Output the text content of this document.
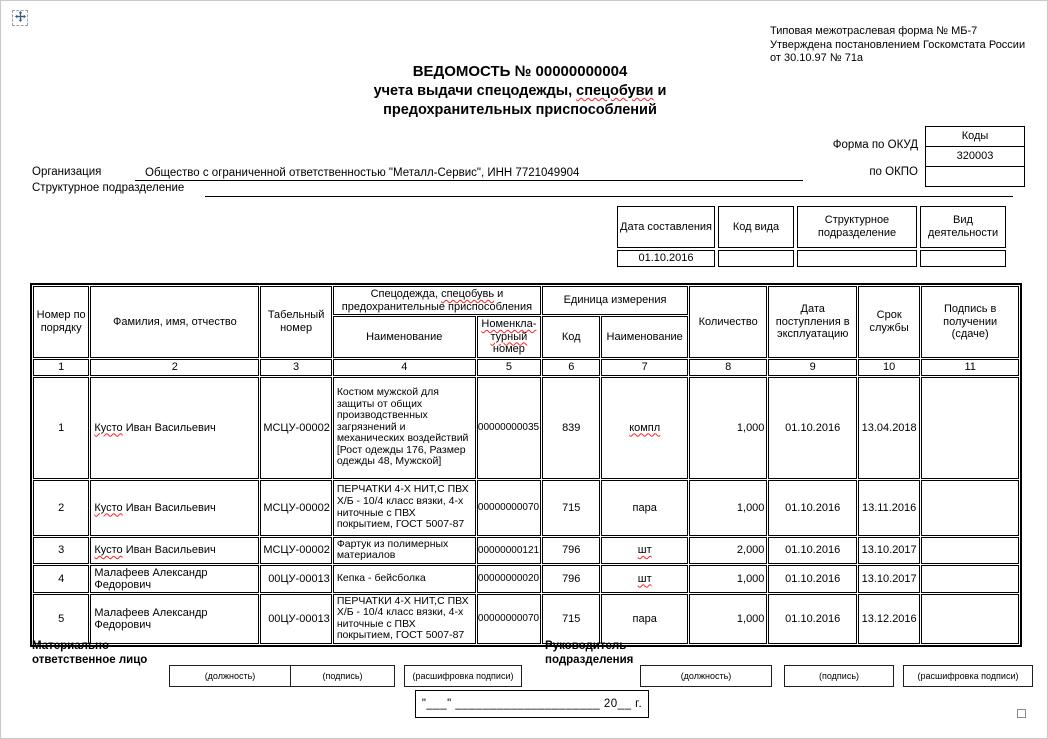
Типовая межотраслевая форма № МБ-7
Утверждена постановлением Госкомстата России
от 30.10.97 № 71а
ВЕДОМОСТЬ № 00000000004
учета выдачи спецодежды, спецобуви и
предохранительных приспособлений
Форма по ОКУД
по ОКПО
Коды
320003
Организация	Общество с ограниченной ответственностью "Металл-Сервис", ИНН 7721049904
Структурное подразделение
Дата составления	Код вида	Структурное подразделение	Вид деятельности
01.10.2016			
Номер по порядку	Фамилия, имя, отчество	Табельный номер	Спецодежда, спецобувь и предохранительные приспособления		Единица измерения		Количество	Дата поступления в эксплуатацию	Срок службы	Подпись в получении (сдаче)
			Наименование	Номенкла-турный номер	Код	Наименование				
1	2	3	4	5	6	7	8	9	10	11
1	Кусто Иван Васильевич	МСЦУ-00002	Костюм мужской для защиты от общих производственных загрязнений и механических воздействий [Рост одежды 176, Размер одежды 48, Мужской]	00000000035	839	компл	1,000	01.10.2016	13.04.2018	
2	Кусто Иван Васильевич	МСЦУ-00002	ПЕРЧАТКИ 4-Х НИТ,С ПВХ Х/Б - 10/4 класс вязки, 4-х ниточные с ПВХ покрытием, ГОСТ 5007-87	00000000070	715	пара	1,000	01.10.2016	13.11.2016	
3	Кусто Иван Васильевич	МСЦУ-00002	Фартук из полимерных материалов	00000000121	796	шт	2,000	01.10.2016	13.10.2017	
4	Малафеев Александр Федорович	00ЦУ-00013	Кепка - бейсболка	00000000020	796	шт	1,000	01.10.2016	13.10.2017	
5	Малафеев Александр Федорович	00ЦУ-00013	ПЕРЧАТКИ 4-Х НИТ,С ПВХ Х/Б - 10/4 класс вязки, 4-х ниточные с ПВХ покрытием, ГОСТ 5007-87	00000000070	715	пара	1,000	01.10.2016	13.12.2016	
Материально
ответственное лицо
Руководитель
подразделения
(должность)	(подпись)	(расшифровка подписи)	(должность)	(подпись)	(расшифровка подписи)
"___" _____________________ 20__ г.
